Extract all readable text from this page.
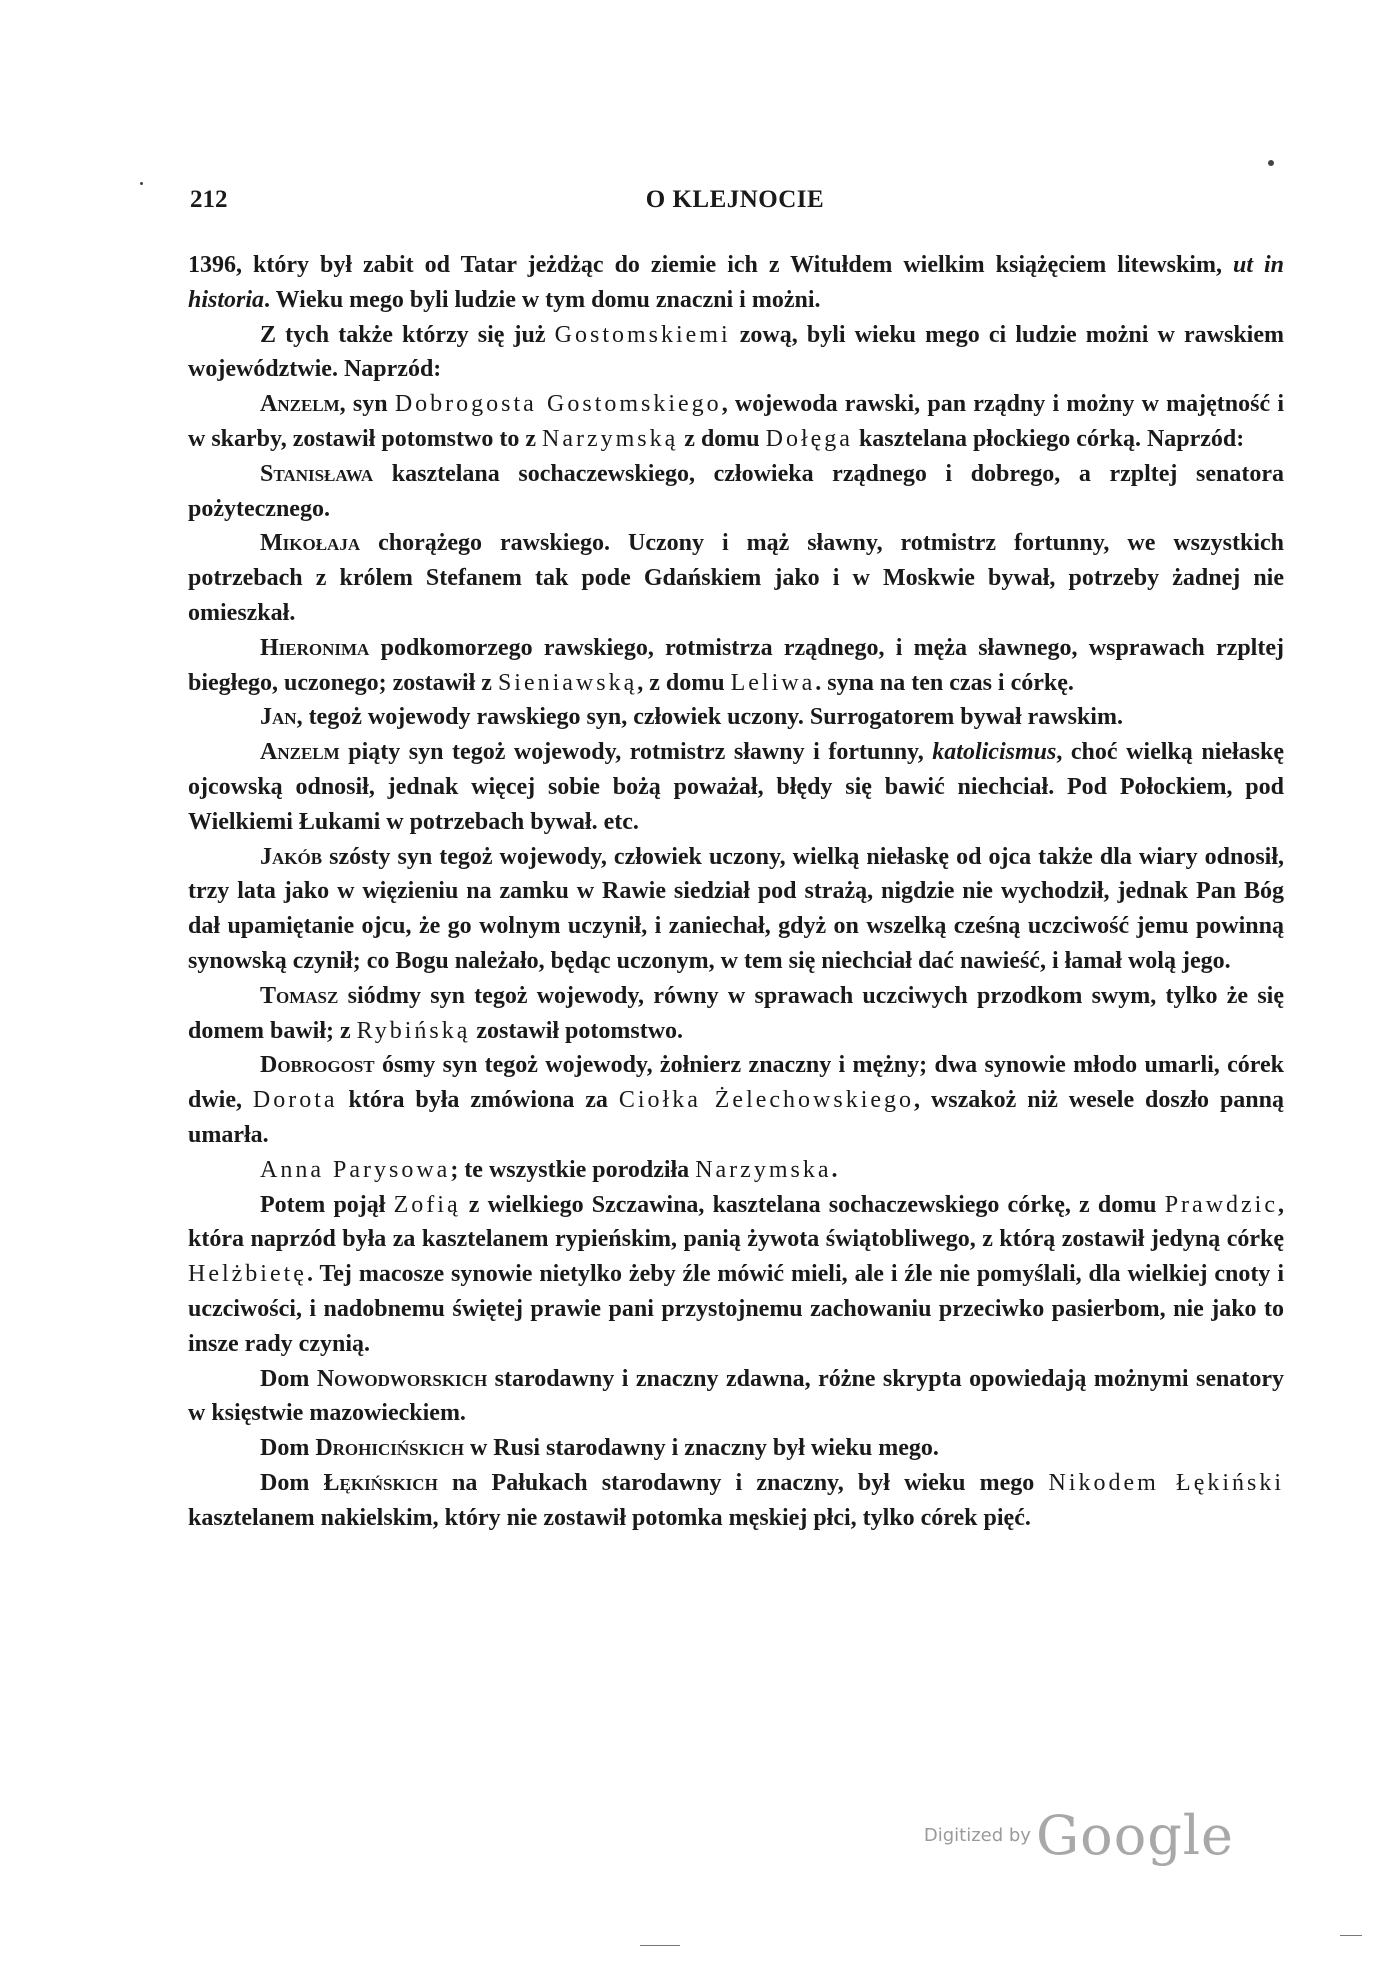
212	O KLEJNOCIE

1396, który był zabit od Tatar jeżdżąc do ziemie ich z Witułdem wielkim książęciem litewskim, ut in historia. Wieku mego byli ludzie w tym domu znaczni i możni.

Z tych także którzy się już Gostomskiemi zową, byli wieku mego ci ludzie możni w rawskiem województwie. Naprzód:

Anzelm, syn Dobrogosta Gostomskiego, wojewoda rawski, pan rządny i możny w majętność i w skarby, zostawił potomstwo to z Narzymską z domu Dołęga kasztelana płockiego córką. Naprzód:

Stanisława kasztelana sochaczewskiego, człowieka rządnego i dobrego, a rzpltej senatora pożytecznego.

Mikołaja chorążego rawskiego. Uczony i mąż sławny, rotmistrz fortunny, we wszystkich potrzebach z królem Stefanem tak pode Gdańskiem jako i w Moskwie bywał, potrzeby żadnej nie omieszkał.

Hieronima podkomorzego rawskiego, rotmistrza rządnego, i męża sławnego, wsprawach rzpltej biegłego, uczonego; zostawił z Sieniawską, z domu Leliwa. syna na ten czas i córkę.

Jan, tegoż wojewody rawskiego syn, człowiek uczony. Surrogatorem bywał rawskim.

Anzelm piąty syn tegoż wojewody, rotmistrz sławny i fortunny, katolicismus, choć wielką niełaskę ojcowską odnosił, jednak więcej sobie bożą poważał, błędy się bawić niechciał. Pod Połockiem, pod Wielkiemi Łukami w potrzebach bywał. etc.

Jakób szósty syn tegoż wojewody, człowiek uczony, wielką niełaskę od ojca także dla wiary odnosił, trzy lata jako w więzieniu na zamku w Rawie siedział pod strażą, nigdzie nie wychodził, jednak Pan Bóg dał upamiętanie ojcu, że go wolnym uczynił, i zaniechał, gdyż on wszelką cześną uczciwość jemu powinną synowską czynił; co Bogu należało, będąc uczonym, w tem się niechciał dać nawieść, i łamał wolą jego.

Tomasz siódmy syn tegoż wojewody, równy w sprawach uczciwych przodkom swym, tylko że się domem bawił; z Rybińską zostawił potomstwo.

Dobrogost ósmy syn tegoż wojewody, żołnierz znaczny i mężny; dwa synowie młodo umarli, córek dwie, Dorota która była zmówiona za Ciołka Żelechowskiego, wszakoż niż wesele doszło panną umarła.

Anna Parysowa; te wszystkie porodziła Narzymska.

Potem pojął Zofią z wielkiego Szczawina, kasztelana sochaczewskiego córkę, z domu Prawdzic, która naprzód była za kasztelanem rypieńskim, panią żywota świątobliwego, z którą zostawił jedyną córkę Helżbietę. Tej macosze synowie nietylko żeby źle mówić mieli, ale i źle nie pomyślali, dla wielkiej cnoty i uczciwości, i nadobnemu świętej prawie pani przystojnemu zachowaniu przeciwko pasierbom, nie jako to insze rady czynią.

Dom Nowodworskich starodawny i znaczny zdawna, różne skrypta opowiedają możnymi senatory w księstwie mazowieckiem.

Dom Drohicińskich w Rusi starodawny i znaczny był wieku mego.

Dom Łękińskich na Pałukach starodawny i znaczny, był wieku mego Nikodem Łękiński kasztelanem nakielskim, który nie zostawił potomka męskiej płci, tylko córek pięć.

Digitized by Google
